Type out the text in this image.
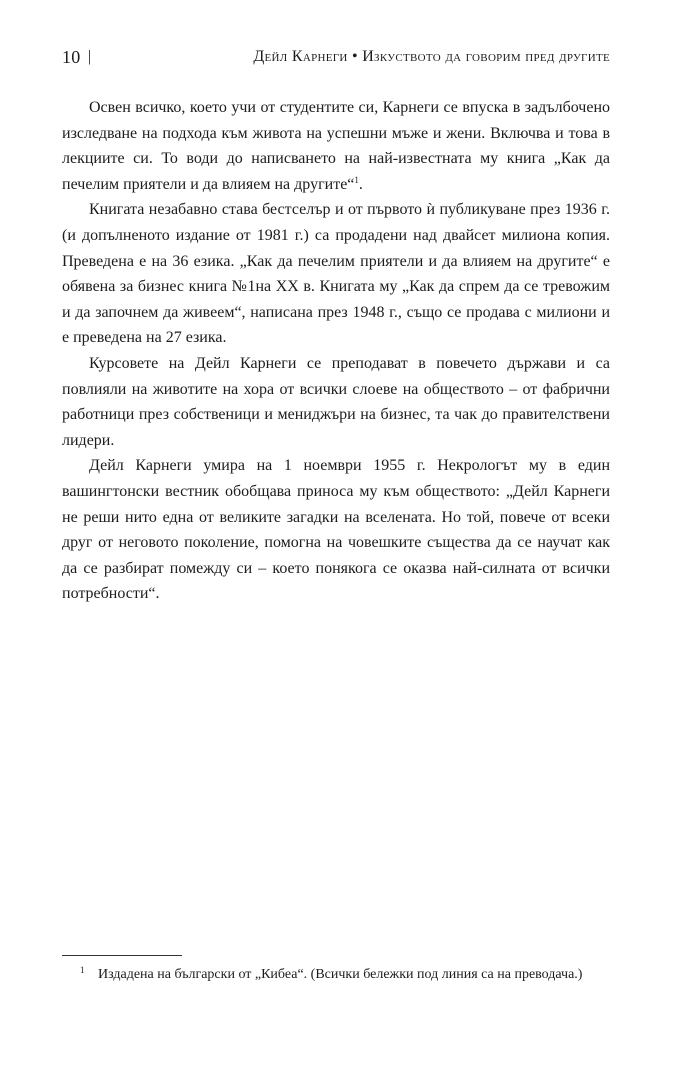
10 |	Дейл Карнеги • Изкуството да говорим пред другите

Освен всичко, което учи от студентите си, Карнеги се впуска в задълбочено изследване на подхода към живота на успешни мъже и жени. Включва и това в лекциите си. То води до написването на най-известната му книга „Как да печелим приятели и да влияем на другите“$^1$.

Книгата незабавно става бестселър и от първото ѝ публикуване през 1936 г. (и допълненото издание от 1981 г.) са продадени над двайсет милиона копия. Преведена е на 36 езика. „Как да печелим приятели и да влияем на другите“ е обявена за бизнес книга №1на XX в. Книгата му „Как да спрем да се тревожим и да започнем да живеем“, написана през 1948 г., също се продава с милиони и е преведена на 27 езика.

Курсовете на Дейл Карнеги се преподават в повечето държави и са повлияли на животите на хора от всички слоеве на обществото – от фабрични работници през собственици и мениджъри на бизнес, та чак до правителствени лидери.

Дейл Карнеги умира на 1 ноември 1955 г. Некрологът му в един вашингтонски вестник обобщава приноса му към обществото: „Дейл Карнеги не реши нито една от великите загадки на вселената. Но той, повече от всеки друг от неговото поколение, помогна на човешките същества да се научат как да се разбират помежду си – което понякога се оказва най-силната от всички потребности“.

1 Издадена на български от „Кибеа“. (Всички бележки под линия са на преводача.)
